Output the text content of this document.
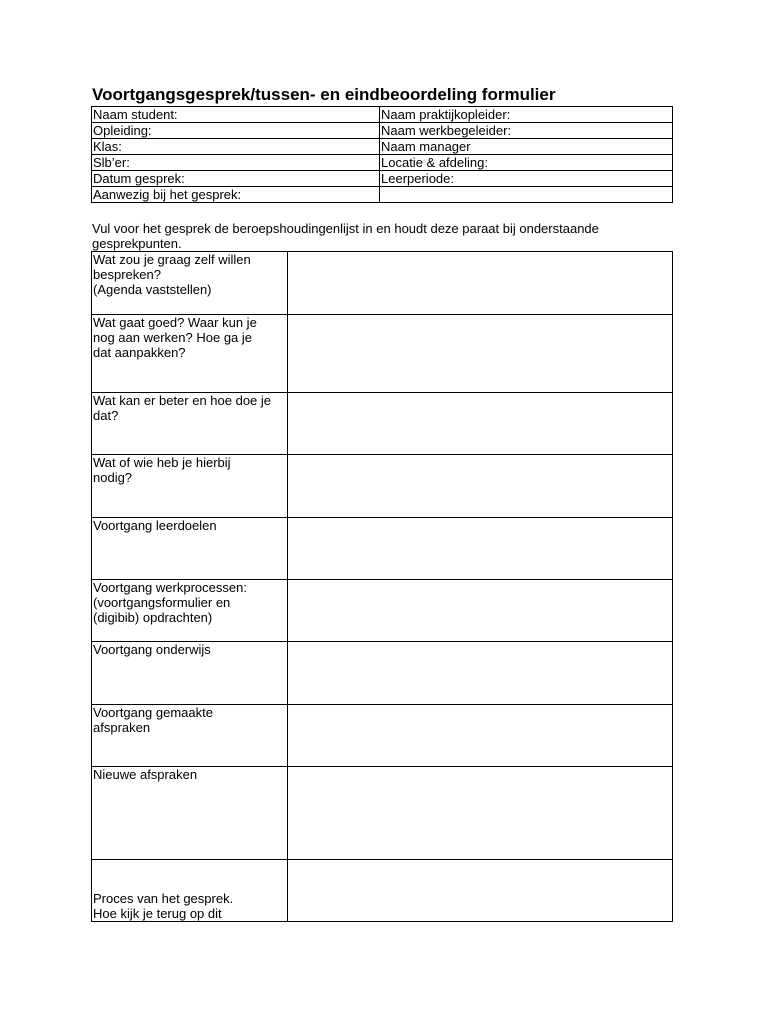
Voortgangsgesprek/tussen- en eindbeoordeling formulier
Naam student:	Naam praktijkopleider:
Opleiding:	Naam werkbegeleider:
Klas:	Naam manager
Slb’er:	Locatie & afdeling:
Datum gesprek:	Leerperiode:
Aanwezig bij het gesprek:	
Vul voor het gesprek de beroepshoudingenlijst in en houdt deze paraat bij onderstaande gesprekpunten.
Wat zou je graag zelf willen
bespreken?
(Agenda vaststellen)	

Wat gaat goed? Waar kun je
nog aan werken? Hoe ga je
dat aanpakken?	

Wat kan er beter en hoe doe je
dat?	

Wat of wie heb je hierbij
nodig?	

Voortgang leerdoelen	

Voortgang werkprocessen:
(voortgangsformulier en
(digibib) opdrachten)	

Voortgang onderwijs	

Voortgang gemaakte
afspraken	

Nieuwe afspraken	

Proces van het gesprek.
Hoe kijk je terug op dit	
